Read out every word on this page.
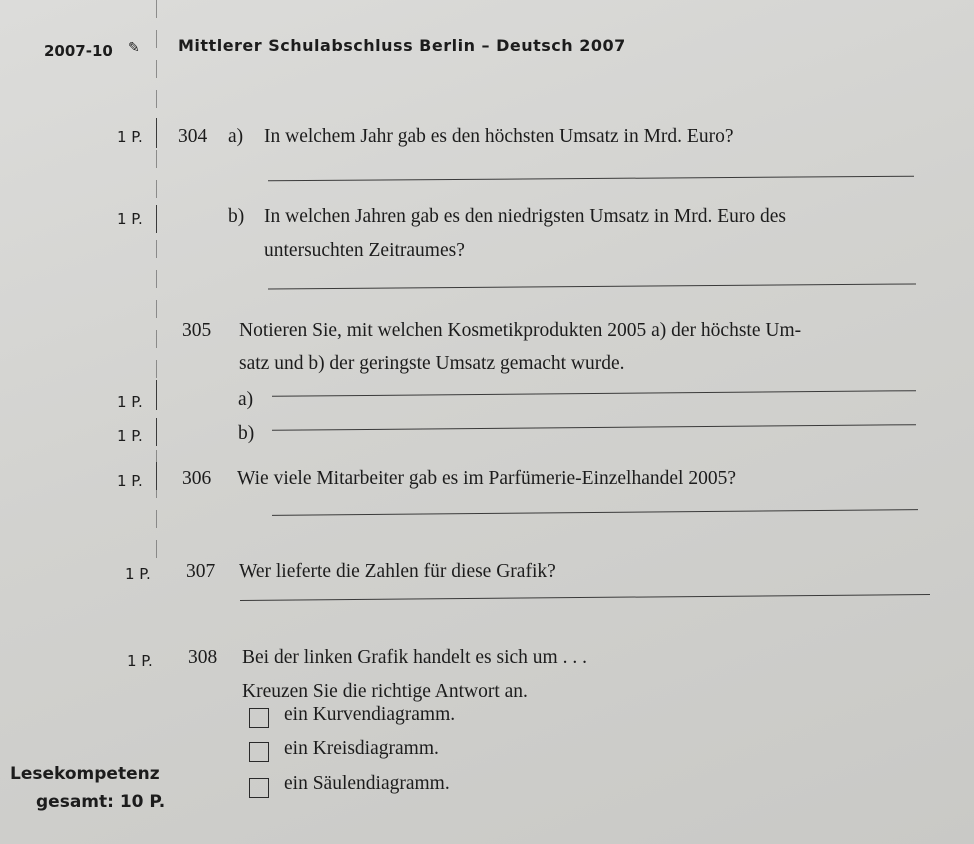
2007-10 ✎ Mittlerer Schulabschluss Berlin – Deutsch 2007
1 P. 304 a) In welchem Jahr gab es den höchsten Umsatz in Mrd. Euro?
1 P.	b) In welchen Jahren gab es den niedrigsten Umsatz in Mrd. Euro des
untersuchten Zeitraumes?
305 Notieren Sie, mit welchen Kosmetikprodukten 2005 a) der höchste Um-
satz und b) der geringste Umsatz gemacht wurde.
1 P.	a)
1 P.	b)
1 P. 306 Wie viele Mitarbeiter gab es im Parfümerie-Einzelhandel 2005?
1 P. 307 Wer lieferte die Zahlen für diese Grafik?
1 P. 308 Bei der linken Grafik handelt es sich um . . .
Kreuzen Sie die richtige Antwort an.
ein Kurvendiagramm.
ein Kreisdiagramm.
ein Säulendiagramm.
Lesekompetenz
gesamt: 10 P.
